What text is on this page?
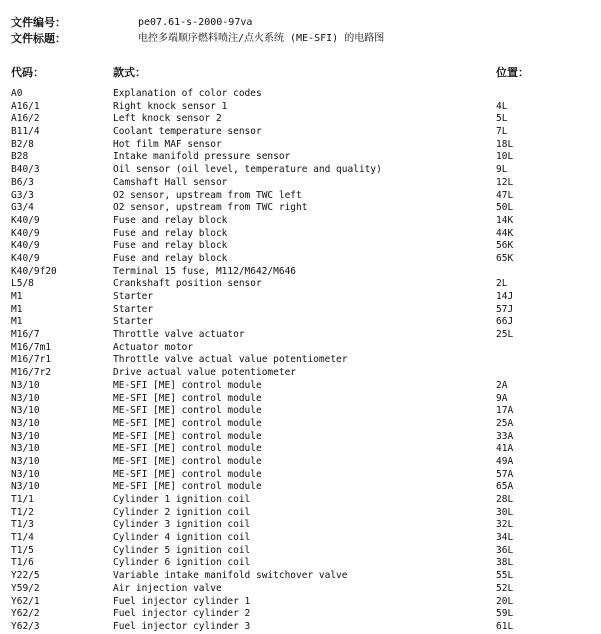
文件编号：	pe07.61-s-2000-97va
文件标题：	电控多端顺序燃料喷注/点火系统 (ME-SFI) 的电路图
代码：	款式：	位置：
A0	Explanation of color codes
A16/1	Right knock sensor 1	4L
A16/2	Left knock sensor 2	5L
B11/4	Coolant temperature sensor	7L
B2/8	Hot film MAF sensor	18L
B28	Intake manifold pressure sensor	10L
B40/3	Oil sensor (oil level, temperature and quality)	9L
B6/3	Camshaft Hall sensor	12L
G3/3	O2 sensor, upstream from TWC left	47L
G3/4	O2 sensor, upstream from TWC right	50L
K40/9	Fuse and relay block	14K
K40/9	Fuse and relay block	44K
K40/9	Fuse and relay block	56K
K40/9	Fuse and relay block	65K
K40/9f20	Terminal 15 fuse, M112/M642/M646
L5/8	Crankshaft position sensor	2L
M1	Starter	14J
M1	Starter	57J
M1	Starter	66J
M16/7	Throttle valve actuator	25L
M16/7m1	Actuator motor
M16/7r1	Throttle valve actual value potentiometer
M16/7r2	Drive actual value potentiometer
N3/10	ME-SFI [ME] control module	2A
N3/10	ME-SFI [ME] control module	9A
N3/10	ME-SFI [ME] control module	17A
N3/10	ME-SFI [ME] control module	25A
N3/10	ME-SFI [ME] control module	33A
N3/10	ME-SFI [ME] control module	41A
N3/10	ME-SFI [ME] control module	49A
N3/10	ME-SFI [ME] control module	57A
N3/10	ME-SFI [ME] control module	65A
T1/1	Cylinder 1 ignition coil	28L
T1/2	Cylinder 2 ignition coil	30L
T1/3	Cylinder 3 ignition coil	32L
T1/4	Cylinder 4 ignition coil	34L
T1/5	Cylinder 5 ignition coil	36L
T1/6	Cylinder 6 ignition coil	38L
Y22/5	Variable intake manifold switchover valve	55L
Y59/2	Air injection valve	52L
Y62/1	Fuel injector cylinder 1	20L
Y62/2	Fuel injector cylinder 2	59L
Y62/3	Fuel injector cylinder 3	61L
